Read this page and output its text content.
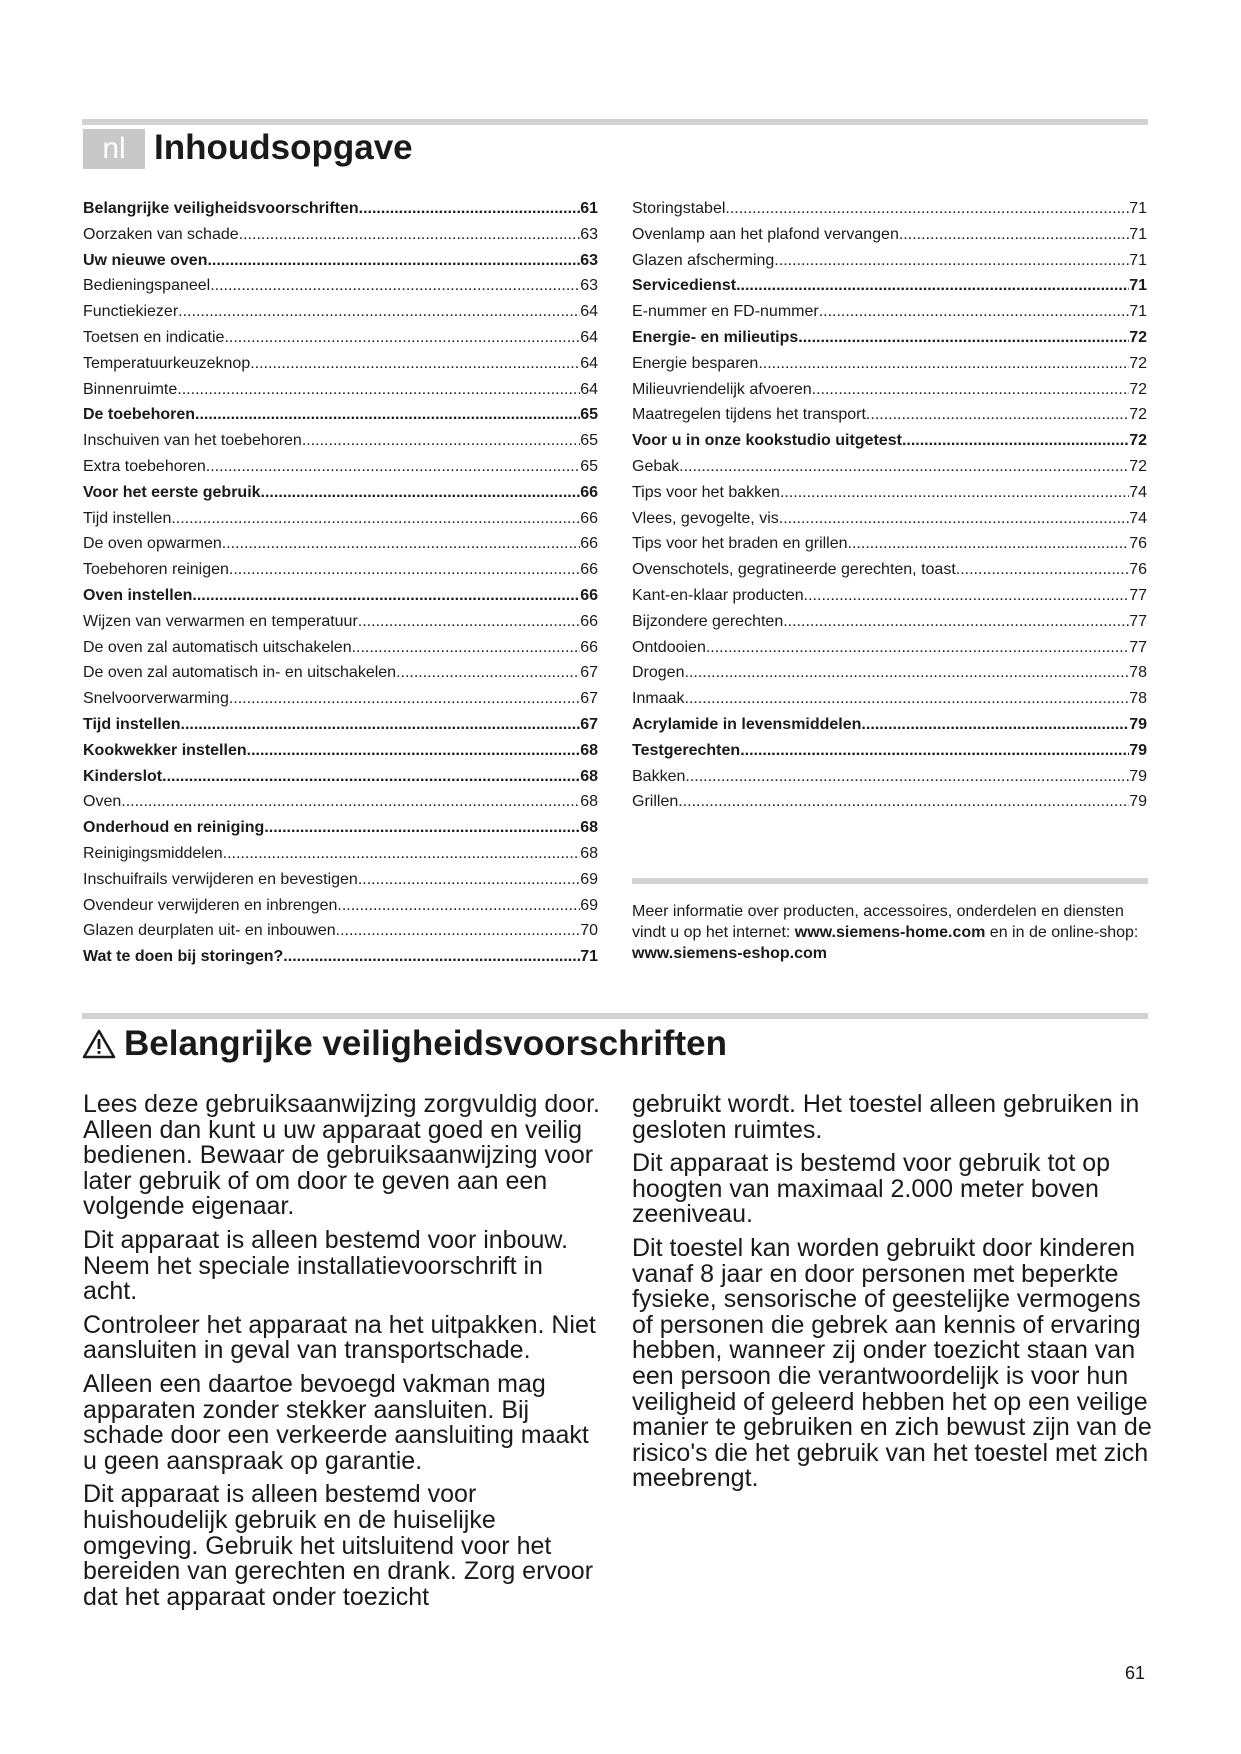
nl Inhoudsopgave
Belangrijke veiligheidsvoorschriften .....	61
Oorzaken van schade .....	63
Uw nieuwe oven .....	63
Bedieningspaneel .....	63
Functiekiezer .....	64
Toetsen en indicatie .....	64
Temperatuurkeuzeknop .....	64
Binnenruimte .....	64
De toebehoren .....	65
Inschuiven van het toebehoren .....	65
Extra toebehoren .....	65
Voor het eerste gebruik .....	66
Tijd instellen .....	66
De oven opwarmen .....	66
Toebehoren reinigen .....	66
Oven instellen .....	66
Wijzen van verwarmen en temperatuur .....	66
De oven zal automatisch uitschakelen .....	66
De oven zal automatisch in- en uitschakelen .....	67
Snelvoorverwarming .....	67
Tijd instellen .....	67
Kookwekker instellen .....	68
Kinderslot .....	68
Oven .....	68
Onderhoud en reiniging .....	68
Reinigingsmiddelen .....	68
Inschuifrails verwijderen en bevestigen .....	69
Ovendeur verwijderen en inbrengen .....	69
Glazen deurplaten uit- en inbouwen .....	70
Wat te doen bij storingen? .....	71
Storingstabel .....	71
Ovenlamp aan het plafond vervangen .....	71
Glazen afscherming .....	71
Servicedienst .....	71
E-nummer en FD-nummer .....	71
Energie- en milieutips .....	72
Energie besparen .....	72
Milieuvriendelijk afvoeren .....	72
Maatregelen tijdens het transport .....	72
Voor u in onze kookstudio uitgetest .....	72
Gebak .....	72
Tips voor het bakken .....	74
Vlees, gevogelte, vis .....	74
Tips voor het braden en grillen .....	76
Ovenschotels, gegratineerde gerechten, toast .....	76
Kant-en-klaar producten .....	77
Bijzondere gerechten .....	77
Ontdooien .....	77
Drogen .....	78
Inmaak .....	78
Acrylamide in levensmiddelen .....	79
Testgerechten .....	79
Bakken .....	79
Grillen .....	79

Meer informatie over producten, accessoires, onderdelen en diensten vindt u op het internet: www.siemens-home.com en in de online-shop: www.siemens-eshop.com

Belangrijke veiligheidsvoorschriften

Lees deze gebruiksaanwijzing zorgvuldig door. Alleen dan kunt u uw apparaat goed en veilig bedienen. Bewaar de gebruiksaanwijzing voor later gebruik of om door te geven aan een volgende eigenaar.

Dit apparaat is alleen bestemd voor inbouw. Neem het speciale installatievoorschrift in acht.

Controleer het apparaat na het uitpakken. Niet aansluiten in geval van transportschade.

Alleen een daartoe bevoegd vakman mag apparaten zonder stekker aansluiten. Bij schade door een verkeerde aansluiting maakt u geen aanspraak op garantie.

Dit apparaat is alleen bestemd voor huishoudelijk gebruik en de huiselijke omgeving. Gebruik het uitsluitend voor het bereiden van gerechten en drank. Zorg ervoor dat het apparaat onder toezicht

gebruikt wordt. Het toestel alleen gebruiken in gesloten ruimtes.

Dit apparaat is bestemd voor gebruik tot op hoogten van maximaal 2.000 meter boven zeeniveau.

Dit toestel kan worden gebruikt door kinderen vanaf 8 jaar en door personen met beperkte fysieke, sensorische of geestelijke vermogens of personen die gebrek aan kennis of ervaring hebben, wanneer zij onder toezicht staan van een persoon die verantwoordelijk is voor hun veiligheid of geleerd hebben het op een veilige manier te gebruiken en zich bewust zijn van de risico's die het gebruik van het toestel met zich meebrengt.

61
